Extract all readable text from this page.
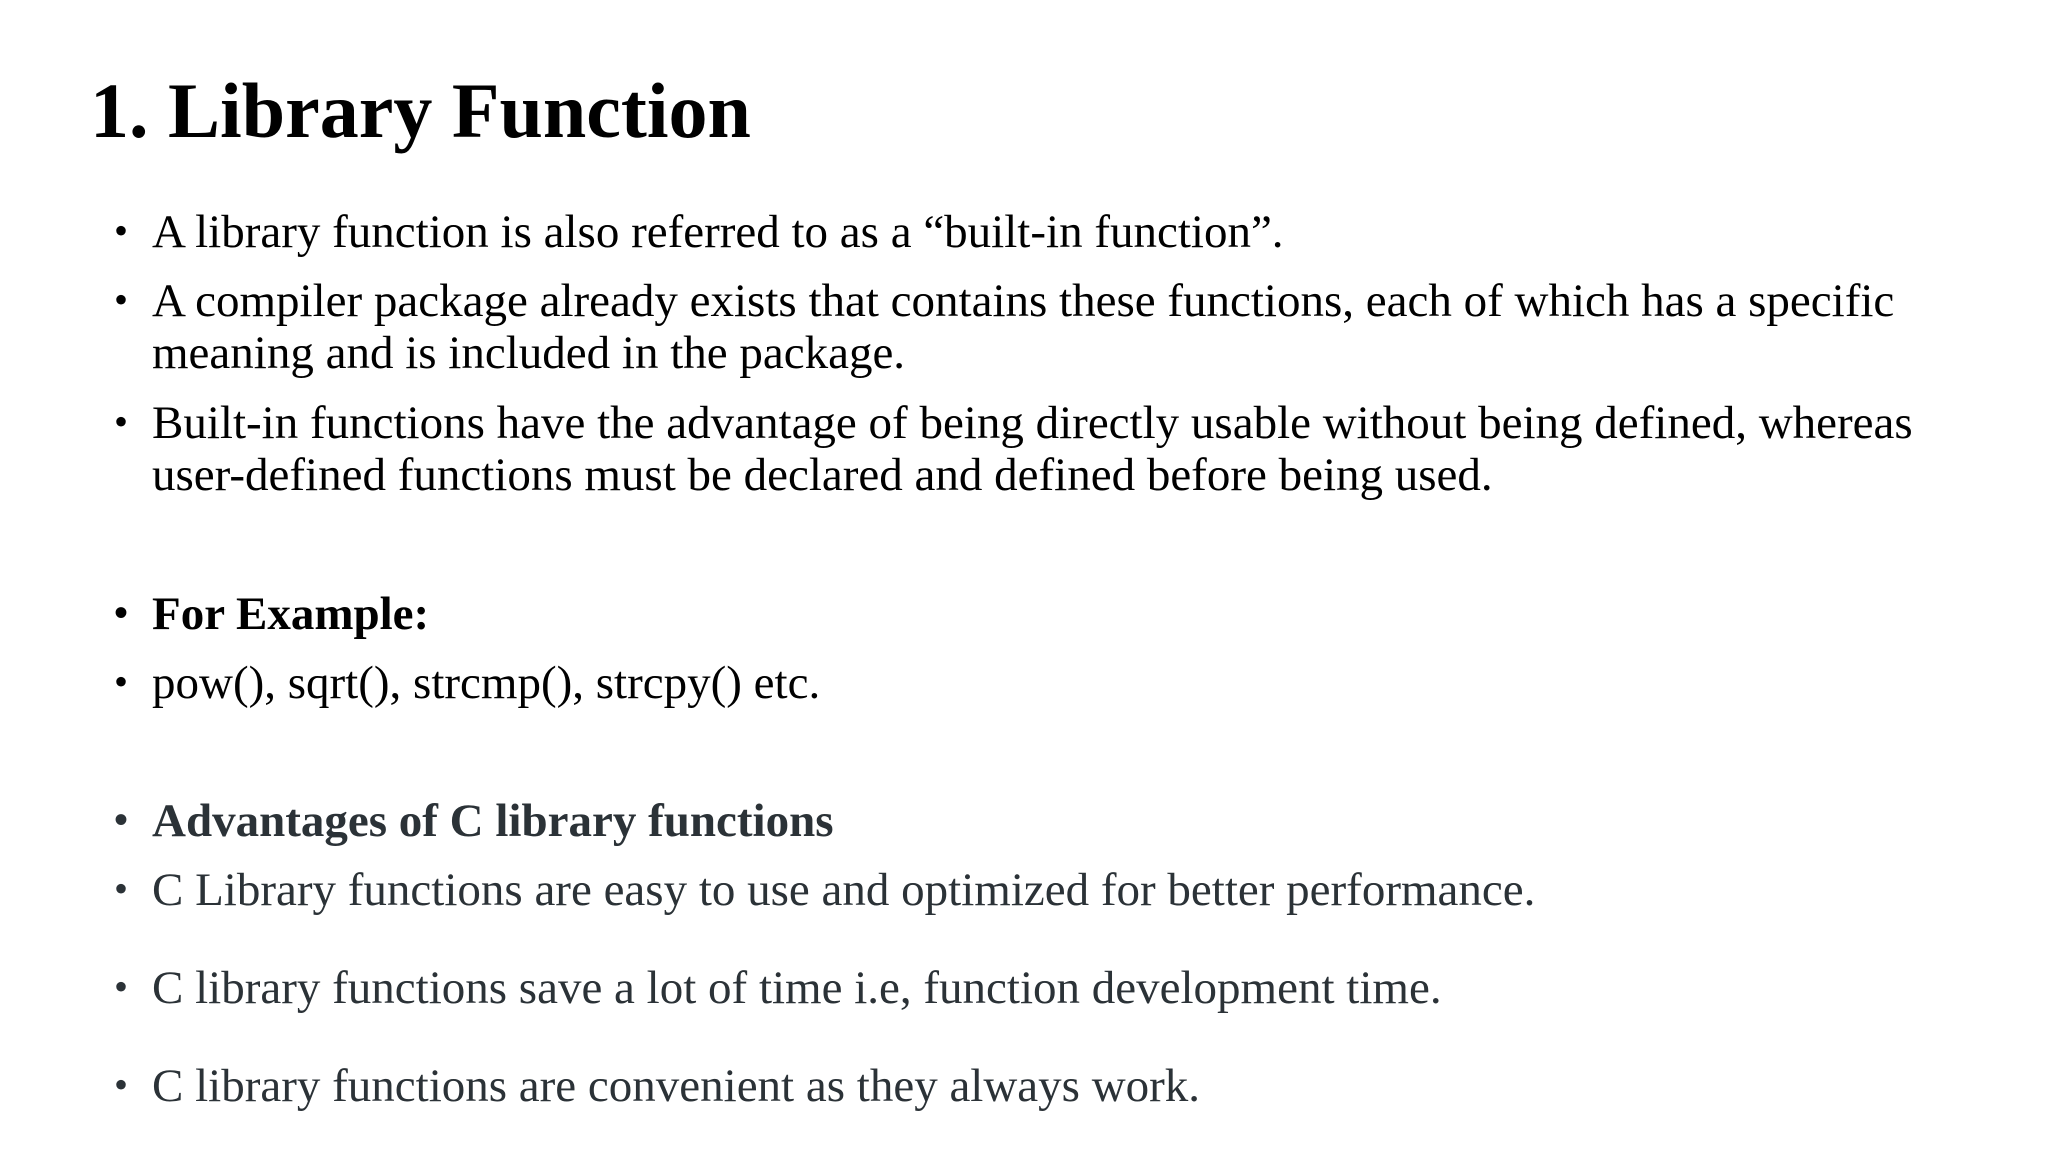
1. Library Function
• A library function is also referred to as a “built-in function”.
• A compiler package already exists that contains these functions, each of which has a specific meaning and is included in the package.
• Built-in functions have the advantage of being directly usable without being defined, whereas user-defined functions must be declared and defined before being used.
• For Example:
• pow(), sqrt(), strcmp(), strcpy() etc.
• Advantages of C library functions
• C Library functions are easy to use and optimized for better performance.
• C library functions save a lot of time i.e, function development time.
• C library functions are convenient as they always work.
